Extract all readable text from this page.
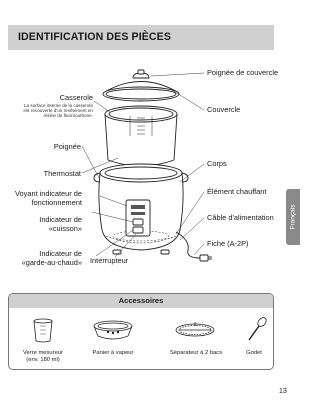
IDENTIFICATION DES PIÈCES
Français
Casserole
La surface interne de la casserole
est recouverte d'un revêtement en
résine de fluorocarbone.
Poignée
Thermostat
Voyant indicateur de
fonctionnement
Indicateur de
«cuisson»
Indicateur de
«garde-au-chaud» Interrupteur
Poignée de couvercle
Couvercle
Corps
Élément chauffant
Câble d'alimentation
Fiche (A-2P)
Accessoires
Verre mesureur
(env. 180 ml)
Panier à vapeur	Séparateur à 2 bacs	Godet
13
